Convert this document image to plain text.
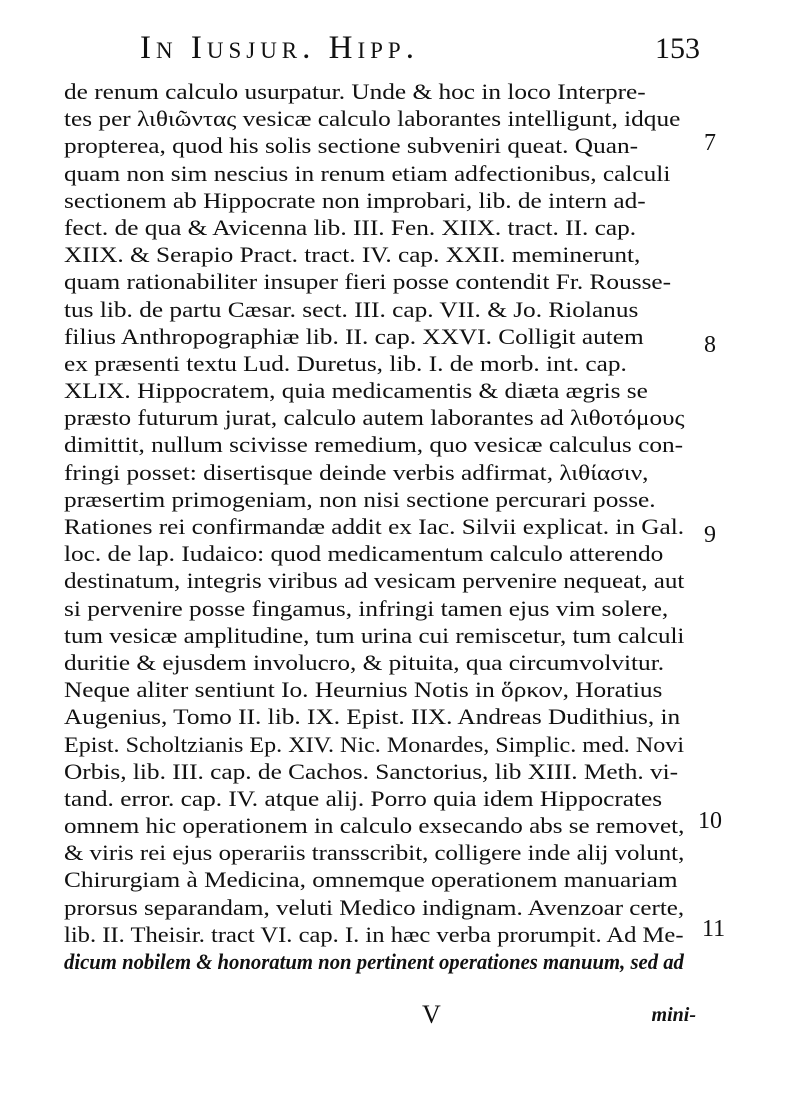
In Iusjur. Hipp.	153
de renum calculo usurpatur. Unde & hoc in loco Interpre-
tes per λιθιῶντας vesicæ calculo laborantes intelligunt, idque
propterea, quod his solis sectione subveniri queat. Quan-
quam non sim nescius in renum etiam adfectionibus, calculi
sectionem ab Hippocrate non improbari, lib. de intern ad-
fect. de qua & Avicenna lib. III. Fen. XIIX. tract. II. cap.
XIIX. & Serapio Pract. tract. IV. cap. XXII. meminerunt,
quam rationabiliter insuper fieri posse contendit Fr. Rousse-
tus lib. de partu Cæsar. sect. III. cap. VII. & Jo. Riolanus
filius Anthropographiæ lib. II. cap. XXVI. Colligit autem
ex præsenti textu Lud. Duretus, lib. I. de morb. int. cap.
XLIX. Hippocratem, quia medicamentis & diæta ægris se
præsto futurum jurat, calculo autem laborantes ad λιθοτόμους
dimittit, nullum scivisse remedium, quo vesicæ calculus con-
fringi posset: disertisque deinde verbis adfirmat, λιθίασιν,
præsertim primogeniam, non nisi sectione percurari posse.
Rationes rei confirmandæ addit ex Iac. Silvii explicat. in Gal.
loc. de lap. Iudaico: quod medicamentum calculo atterendo
destinatum, integris viribus ad vesicam pervenire nequeat, aut
si pervenire posse fingamus, infringi tamen ejus vim solere,
tum vesicæ amplitudine, tum urina cui remiscetur, tum calculi
duritie & ejusdem involucro, & pituita, qua circumvolvitur.
Neque aliter sentiunt Io. Heurnius Notis in ὅρκον, Horatius
Augenius, Tomo II. lib. IX. Epist. IIX. Andreas Dudithius, in
Epist. Scholtzianis Ep. XIV. Nic. Monardes, Simplic. med. Novi
Orbis, lib. III. cap. de Cachos. Sanctorius, lib XIII. Meth. vi-
tand. error. cap. IV. atque alij. Porro quia idem Hippocrates
omnem hic operationem in calculo exsecando abs se removet,
& viris rei ejus operariis transscribit, colligere inde alij volunt,
Chirurgiam à Medicina, omnemque operationem manuariam
prorsus separandam, veluti Medico indignam. Avenzoar certe,
lib. II. Theisir. tract VI. cap. I. in hæc verba prorumpit. Ad Me-
dicum nobilem & honoratum non pertinent operationes manuum, sed ad
7
8
9
10
11
V	mini-
